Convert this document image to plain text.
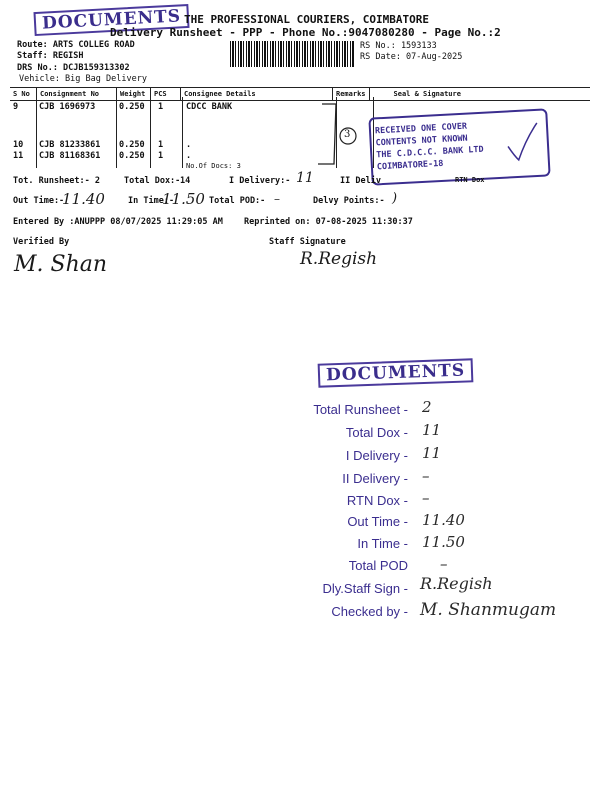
DOCUMENTS THE PROFESSIONAL COURIERS, COIMBATORE
Delivery Runsheet - PPP - Phone No.:9047080280 - Page No.:2
Route: ARTS COLLEG ROAD
Staff: REGISH
DRS No.: DCJB159313302
Vehicle: Big Bag Delivery
RS No.: 1593133
RS Date: 07-Aug-2025
S No	Consignment No	Weight	PCS	Consignee Details	Remarks	Seal & Signature
9 CJB 1696973	0.250 1	CDCC BANK
10 CJB 81233861 0.250 1	.
11 CJB 81168361 0.250 1	.
No.Of Docs: 3
3	RECEIVED ONE COVER
CONTENTS NOT KNOWN
THE C.D.C.C. BANK LTD
COIMBATORE-18
Tot. Runsheet:- 2	Total Dox:- 14	I Delivery:- 11	II Deliv	RTN Dox
Out Time:-
11.40	In Time:-
11.50 Total POD:- –	Delvy Points:- )
Entered By :ANUPPP 08/07/2025 11:29:05 AM Reprinted on: 07-08-2025 11:30:37
Verified By	Staff Signature
M. Shan	R.Regish
DOCUMENTS
Total Runsheet - 2
Total Dox - 11
I Delivery - 11
II Delivery - –
RTN Dox - –
Out Time - 11.40
In Time - 11.50
Total POD –
Dly.Staff Sign - R.Regish
Checked by - M. Shanmugam
